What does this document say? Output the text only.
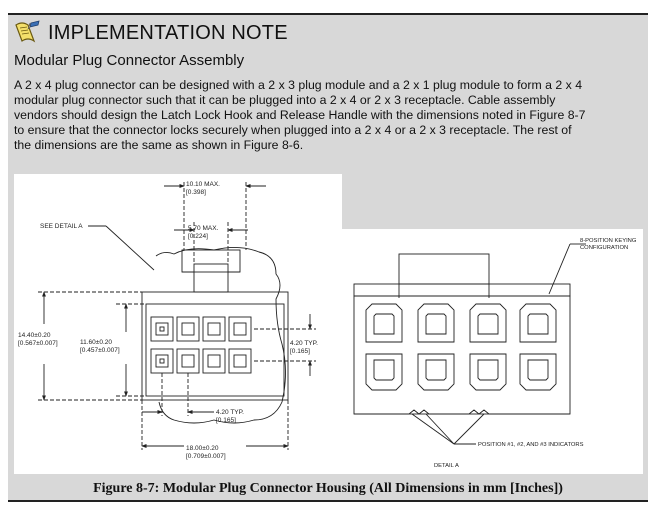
IMPLEMENTATION NOTE
Modular Plug Connector Assembly
A 2 x 4 plug connector can be designed with a 2 x 3 plug module and a 2 x 1 plug module to form a 2 x 4
modular plug connector such that it can be plugged into a 2 x 4 or 2 x 3 receptacle. Cable assembly
vendors should design the Latch Lock Hook and Release Handle with the dimensions noted in Figure 8-7
to ensure that the connector locks securely when plugged into a 2 x 4 or a 2 x 3 receptacle. The rest of
the dimensions are the same as shown in Figure 8-6.
10.10 MAX.
[0.398]
5.70 MAX.
[0.224]
SEE DETAIL A
14.40±0.20
[0.567±0.007]	11.60±0.20
[0.457±0.007]
4.20 TYP.
[0.165]
4.20 TYP.
[0.165]
18.00±0.20
[0.709±0.007]
8-POSITION KEYING
CONFIGURATION
POSITION #1, #2, AND #3 INDICATORS
DETAIL A
Figure 8-7: Modular Plug Connector Housing (All Dimensions in mm [Inches])
